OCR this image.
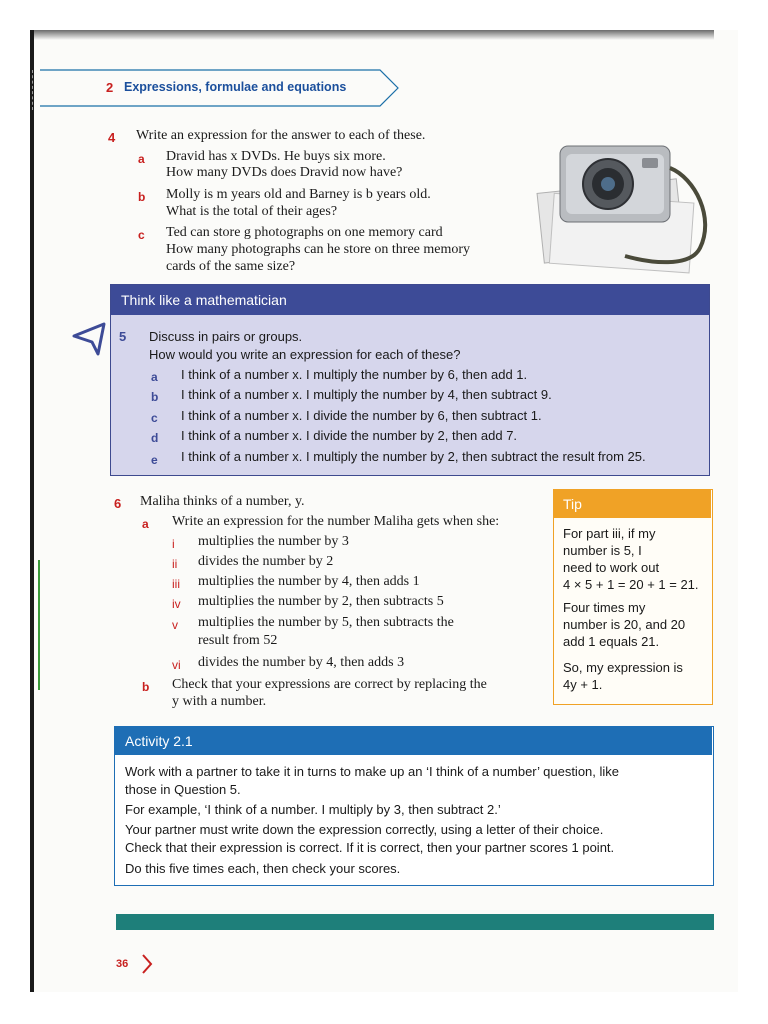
2 Expressions, formulae and equations
4 Write an expression for the answer to each of these.
a Dravid has x DVDs. He buys six more.
How many DVDs does Dravid now have?
b Molly is m years old and Barney is b years old.
What is the total of their ages?
c Ted can store g photographs on one memory card
How many photographs can he store on three memory
cards of the same size?
Think like a mathematician
5 Discuss in pairs or groups.
How would you write an expression for each of these?
a I think of a number x. I multiply the number by 6, then add 1.
b I think of a number x. I multiply the number by 4, then subtract 9.
c I think of a number x. I divide the number by 6, then subtract 1.
d I think of a number x. I divide the number by 2, then add 7.
e I think of a number x. I multiply the number by 2, then subtract the result from 25.
6 Maliha thinks of a number, y.
a Write an expression for the number Maliha gets when she:
i multiplies the number by 3
ii divides the number by 2
iii multiplies the number by 4, then adds 1
iv multiplies the number by 2, then subtracts 5
v multiplies the number by 5, then subtracts the
result from 52
vi divides the number by 4, then adds 3
b Check that your expressions are correct by replacing the
y with a number.
Tip
For part iii, if my
number is 5, I
need to work out
4 × 5 + 1 = 20 + 1 = 21.
Four times my
number is 20, and 20
add 1 equals 21.
So, my expression is
4y + 1.
Activity 2.1
Work with a partner to take it in turns to make up an ‘I think of a number’ question, like
those in Question 5.
For example, ‘I think of a number. I multiply by 3, then subtract 2.’
Your partner must write down the expression correctly, using a letter of their choice.
Check that their expression is correct. If it is correct, then your partner scores 1 point.
Do this five times each, then check your scores.
36
